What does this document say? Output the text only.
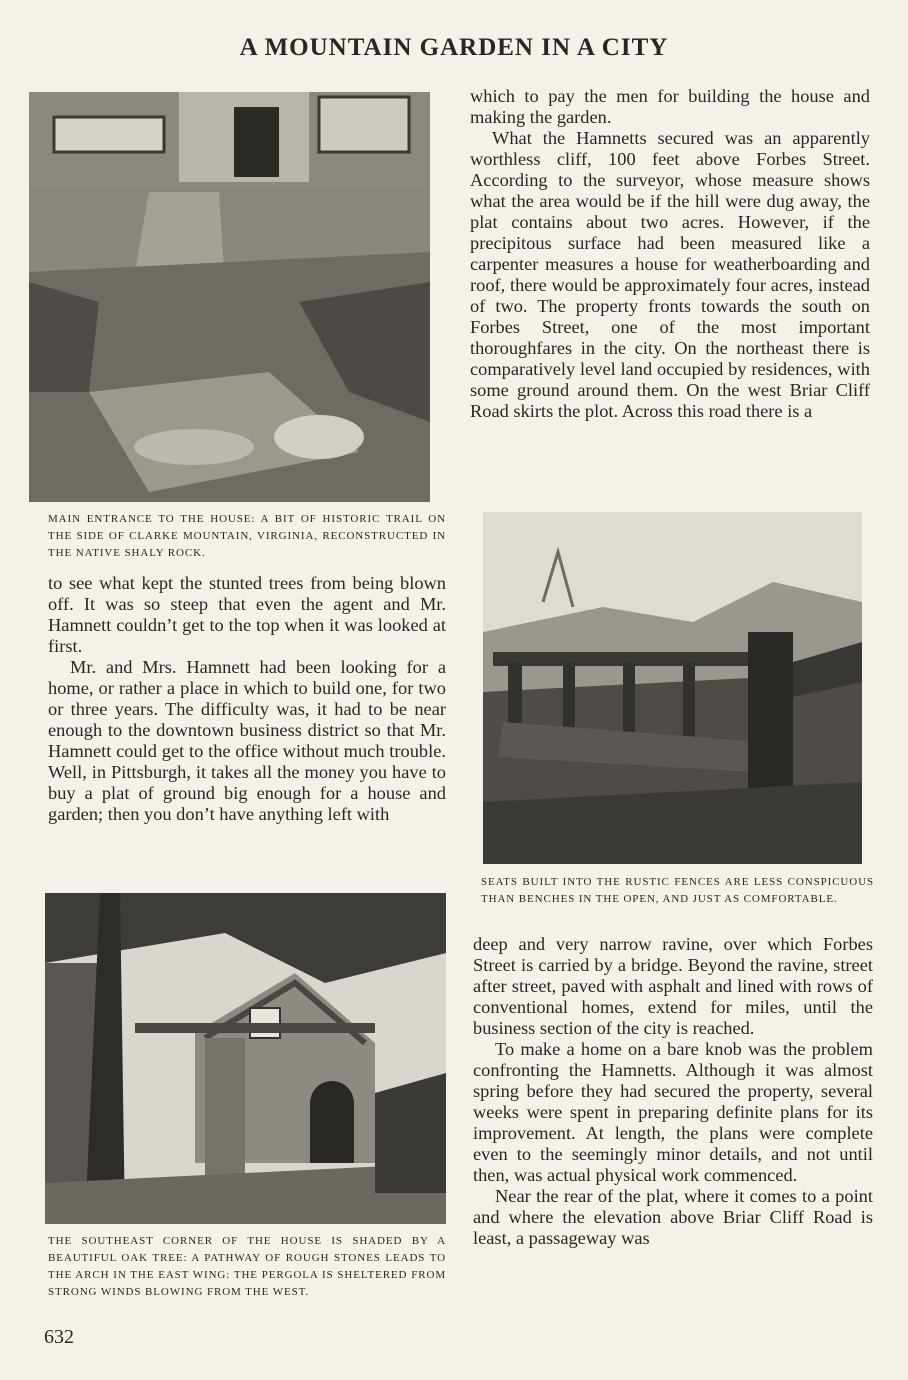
A MOUNTAIN GARDEN IN A CITY

MAIN ENTRANCE TO THE HOUSE: A BIT OF HISTORIC TRAIL ON THE SIDE OF CLARKE MOUNTAIN, VIRGINIA, RECONSTRUCTED IN THE NATIVE SHALY ROCK.

to see what kept the stunted trees from being blown off. It was so steep that even the agent and Mr. Hamnett couldn’t get to the top when it was looked at first.

Mr. and Mrs. Hamnett had been looking for a home, or rather a place in which to build one, for two or three years. The difficulty was, it had to be near enough to the downtown business district so that Mr. Hamnett could get to the office without much trouble. Well, in Pittsburgh, it takes all the money you have to buy a plat of ground big enough for a house and garden; then you don’t have anything left with

THE SOUTHEAST CORNER OF THE HOUSE IS SHADED BY A BEAUTIFUL OAK TREE: A PATHWAY OF ROUGH STONES LEADS TO THE ARCH IN THE EAST WING: THE PERGOLA IS SHELTERED FROM STRONG WINDS BLOWING FROM THE WEST.

632

which to pay the men for building the house and making the garden.

What the Hamnetts secured was an apparently worthless cliff, 100 feet above Forbes Street. According to the surveyor, whose measure shows what the area would be if the hill were dug away, the plat contains about two acres. However, if the precipitous surface had been measured like a carpenter measures a house for weatherboarding and roof, there would be approximately four acres, instead of two. The property fronts towards the south on Forbes Street, one of the most important thoroughfares in the city. On the northeast there is comparatively level land occupied by residences, with some ground around them. On the west Briar Cliff Road skirts the plot. Across this road there is a

SEATS BUILT INTO THE RUSTIC FENCES ARE LESS CONSPICUOUS THAN BENCHES IN THE OPEN, AND JUST AS COMFORTABLE.

deep and very narrow ravine, over which Forbes Street is carried by a bridge. Beyond the ravine, street after street, paved with asphalt and lined with rows of conventional homes, extend for miles, until the business section of the city is reached.

To make a home on a bare knob was the problem confronting the Hamnetts. Although it was almost spring before they had secured the property, several weeks were spent in preparing definite plans for its improvement. At length, the plans were complete even to the seemingly minor details, and not until then, was actual physical work commenced.

Near the rear of the plat, where it comes to a point and where the elevation above Briar Cliff Road is least, a passageway was
